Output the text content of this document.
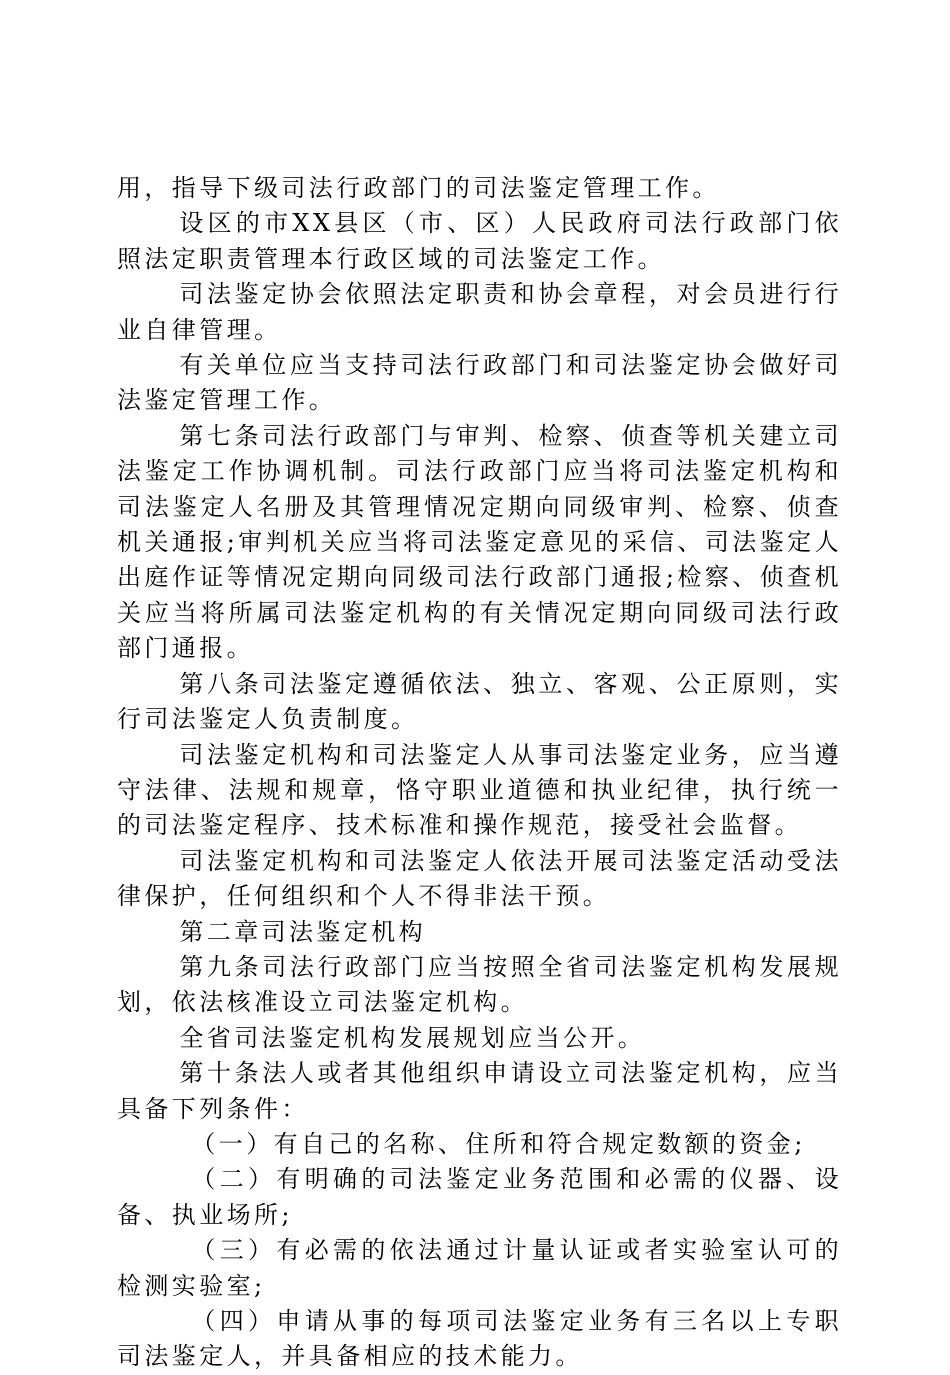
用，指导下级司法行政部门的司法鉴定管理工作。

设区的市XX县区（市、区）人民政府司法行政部门依照法定职责管理本行政区域的司法鉴定工作。

司法鉴定协会依照法定职责和协会章程，对会员进行行业自律管理。

有关单位应当支持司法行政部门和司法鉴定协会做好司法鉴定管理工作。

第七条司法行政部门与审判、检察、侦查等机关建立司法鉴定工作协调机制。司法行政部门应当将司法鉴定机构和司法鉴定人名册及其管理情况定期向同级审判、检察、侦查机关通报;审判机关应当将司法鉴定意见的采信、司法鉴定人出庭作证等情况定期向同级司法行政部门通报;检察、侦查机关应当将所属司法鉴定机构的有关情况定期向同级司法行政部门通报。

第八条司法鉴定遵循依法、独立、客观、公正原则，实行司法鉴定人负责制度。

司法鉴定机构和司法鉴定人从事司法鉴定业务，应当遵守法律、法规和规章，恪守职业道德和执业纪律，执行统一的司法鉴定程序、技术标准和操作规范，接受社会监督。

司法鉴定机构和司法鉴定人依法开展司法鉴定活动受法律保护，任何组织和个人不得非法干预。

第二章司法鉴定机构

第九条司法行政部门应当按照全省司法鉴定机构发展规划，依法核准设立司法鉴定机构。

全省司法鉴定机构发展规划应当公开。

第十条法人或者其他组织申请设立司法鉴定机构，应当具备下列条件：

（一）有自己的名称、住所和符合规定数额的资金;

（二）有明确的司法鉴定业务范围和必需的仪器、设备、执业场所;

（三）有必需的依法通过计量认证或者实验室认可的检测实验室;

（四）申请从事的每项司法鉴定业务有三名以上专职司法鉴定人，并具备相应的技术能力。
